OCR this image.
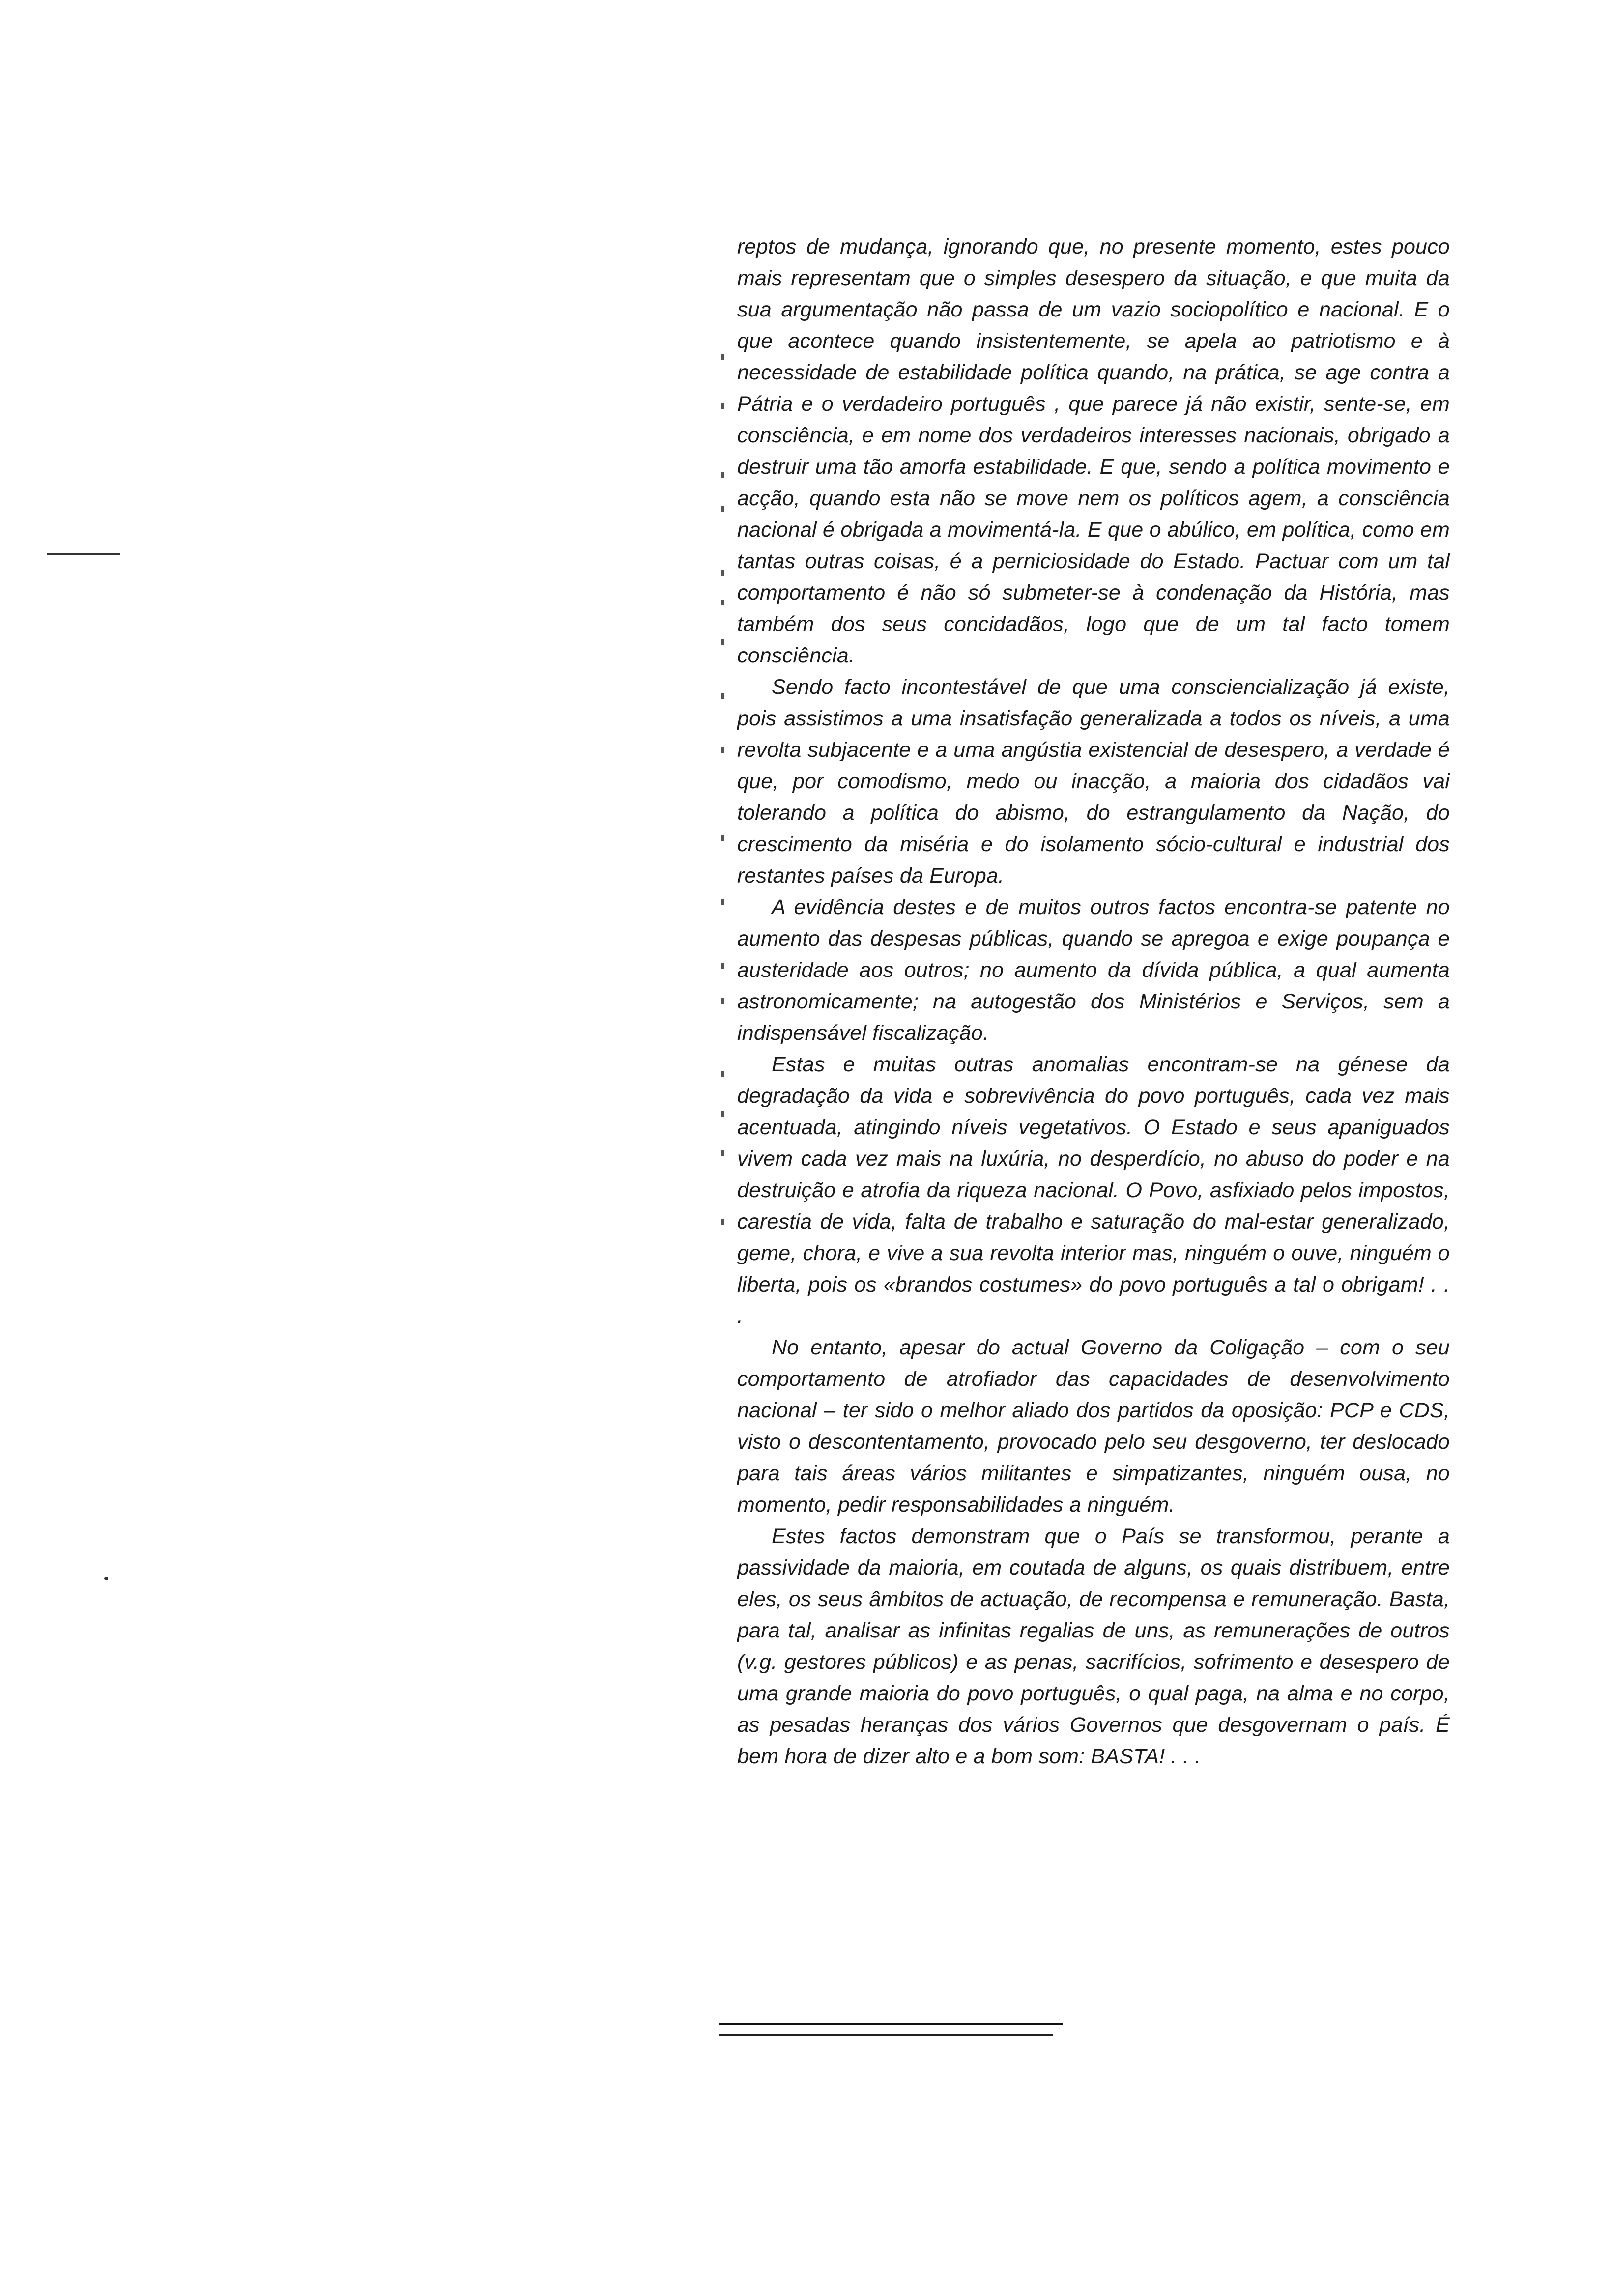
reptos de mudança, ignorando que, no presente momento, estes pouco mais representam que o simples desespero da situação, e que muita da sua argumentação não passa de um vazio sociopolítico e nacional. E o que acontece quando insistentemente, se apela ao patriotismo e à necessidade de estabilidade política quando, na prática, se age contra a Pátria e o verdadeiro português , que parece já não existir, sente-se, em consciência, e em nome dos verdadeiros interesses nacionais, obrigado a destruir uma tão amorfa estabilidade. E que, sendo a política movimento e acção, quando esta não se move nem os políticos agem, a consciência nacional é obrigada a movimentá-la. E que o abúlico, em política, como em tantas outras coisas, é a perniciosidade do Estado. Pactuar com um tal comportamento é não só submeter-se à condenação da História, mas também dos seus concidadãos, logo que de um tal facto tomem consciência.

Sendo facto incontestável de que uma consciencialização já existe, pois assistimos a uma insatisfação generalizada a todos os níveis, a uma revolta subjacente e a uma angústia existencial de desespero, a verdade é que, por comodismo, medo ou inacção, a maioria dos cidadãos vai tolerando a política do abismo, do estrangulamento da Nação, do crescimento da miséria e do isolamento sócio-cultural e industrial dos restantes países da Europa.

A evidência destes e de muitos outros factos encontra-se patente no aumento das despesas públicas, quando se apregoa e exige poupança e austeridade aos outros; no aumento da dívida pública, a qual aumenta astronomicamente; na autogestão dos Ministérios e Serviços, sem a indispensável fiscalização.

Estas e muitas outras anomalias encontram-se na génese da degradação da vida e sobrevivência do povo português, cada vez mais acentuada, atingindo níveis vegetativos. O Estado e seus apaniguados vivem cada vez mais na luxúria, no desperdício, no abuso do poder e na destruição e atrofia da riqueza nacional. O Povo, asfixiado pelos impostos, carestia de vida, falta de trabalho e saturação do mal-estar generalizado, geme, chora, e vive a sua revolta interior mas, ninguém o ouve, ninguém o liberta, pois os «brandos costumes» do povo português a tal o obrigam! . . .

No entanto, apesar do actual Governo da Coligação – com o seu comportamento de atrofiador das capacidades de desenvolvimento nacional – ter sido o melhor aliado dos partidos da oposição: PCP e CDS, visto o descontentamento, provocado pelo seu desgoverno, ter deslocado para tais áreas vários militantes e simpatizantes, ninguém ousa, no momento, pedir responsabilidades a ninguém.

Estes factos demonstram que o País se transformou, perante a passividade da maioria, em coutada de alguns, os quais distribuem, entre eles, os seus âmbitos de actuação, de recompensa e remuneração. Basta, para tal, analisar as infinitas regalias de uns, as remunerações de outros (v.g. gestores públicos) e as penas, sacrifícios, sofrimento e desespero de uma grande maioria do povo português, o qual paga, na alma e no corpo, as pesadas heranças dos vários Governos que desgovernam o país. É bem hora de dizer alto e a bom som: BASTA! . . .
